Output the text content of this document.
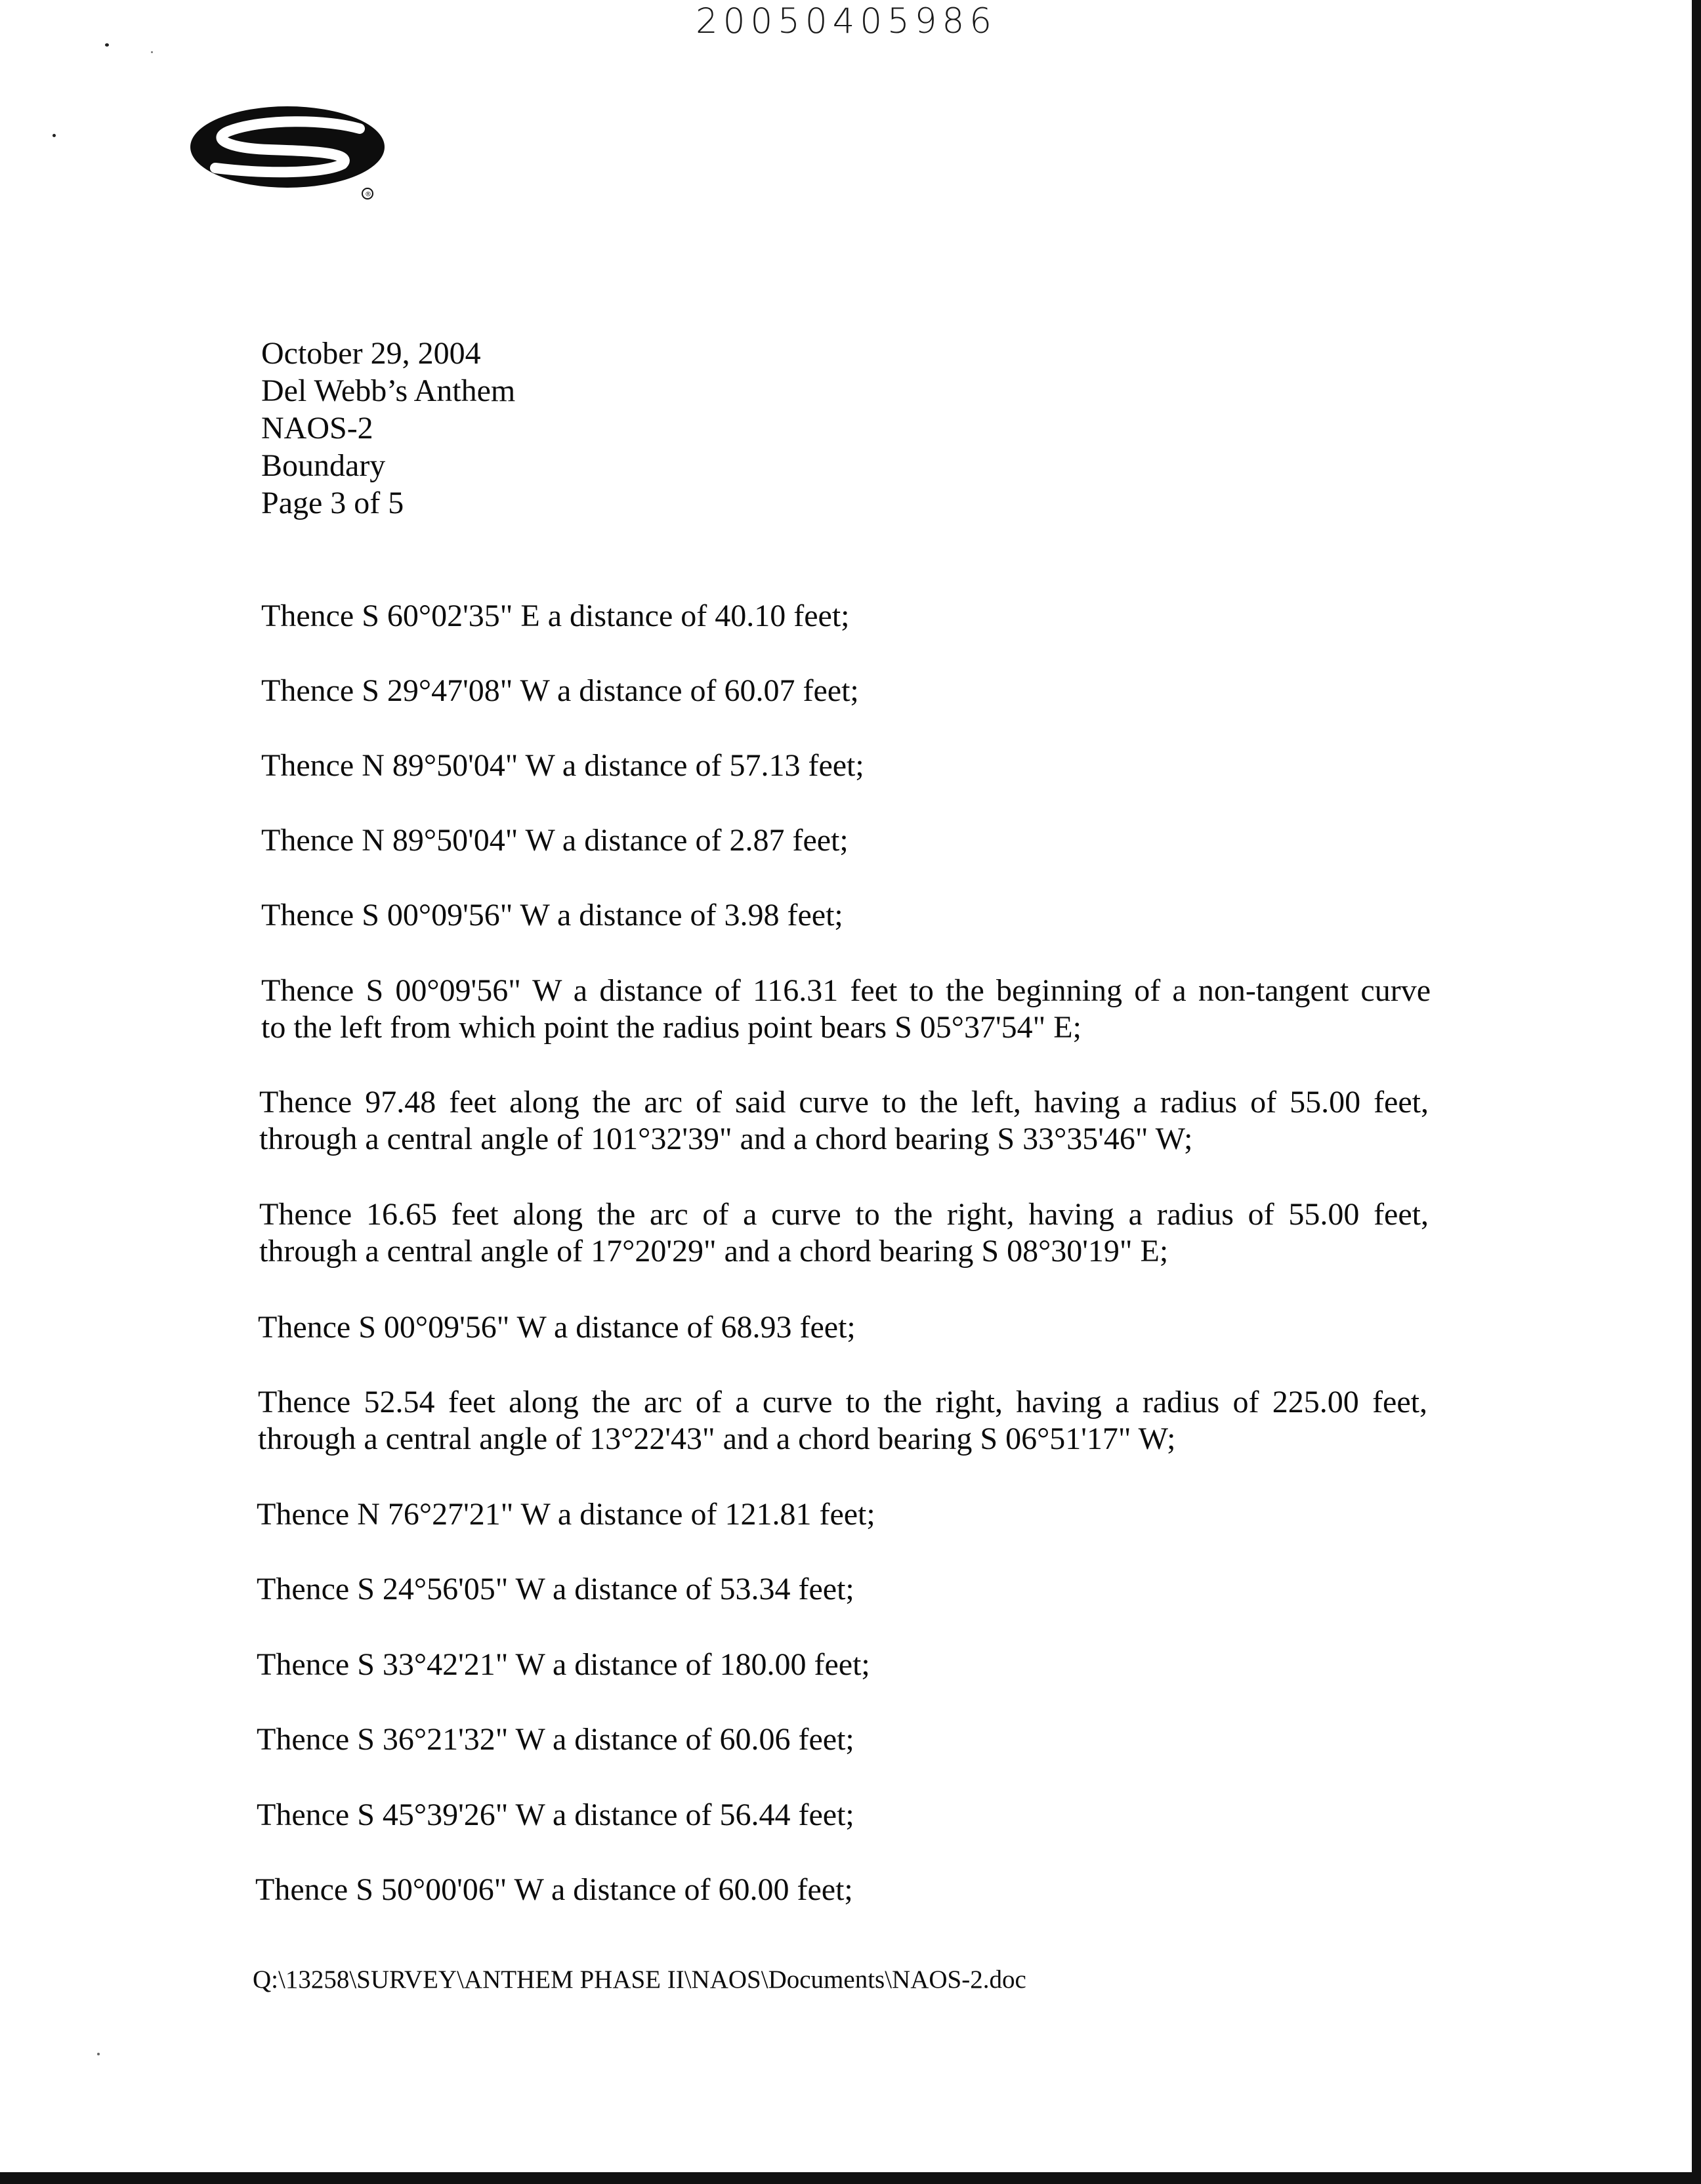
20050405986
®
October 29, 2004
Del Webb’s Anthem
NAOS-2
Boundary
Page 3 of 5
Thence S 60°02'35" E a distance of 40.10 feet;
Thence S 29°47'08" W a distance of 60.07 feet;
Thence N 89°50'04" W a distance of 57.13 feet;
Thence N 89°50'04" W a distance of 2.87 feet;
Thence S 00°09'56" W a distance of 3.98 feet;
Thence S 00°09'56" W a distance of 116.31 feet to the beginning of a non-tangent curve
to the left from which point the radius point bears S 05°37'54" E;
Thence 97.48 feet along the arc of said curve to the left, having a radius of 55.00 feet,
through a central angle of 101°32'39" and a chord bearing S 33°35'46" W;
Thence 16.65 feet along the arc of a curve to the right, having a radius of 55.00 feet,
through a central angle of 17°20'29" and a chord bearing S 08°30'19" E;
Thence S 00°09'56" W a distance of 68.93 feet;
Thence 52.54 feet along the arc of a curve to the right, having a radius of 225.00 feet,
through a central angle of 13°22'43" and a chord bearing S 06°51'17" W;
Thence N 76°27'21" W a distance of 121.81 feet;
Thence S 24°56'05" W a distance of 53.34 feet;
Thence S 33°42'21" W a distance of 180.00 feet;
Thence S 36°21'32" W a distance of 60.06 feet;
Thence S 45°39'26" W a distance of 56.44 feet;
Thence S 50°00'06" W a distance of 60.00 feet;
Q:\13258\SURVEY\ANTHEM PHASE II\NAOS\Documents\NAOS-2.doc
